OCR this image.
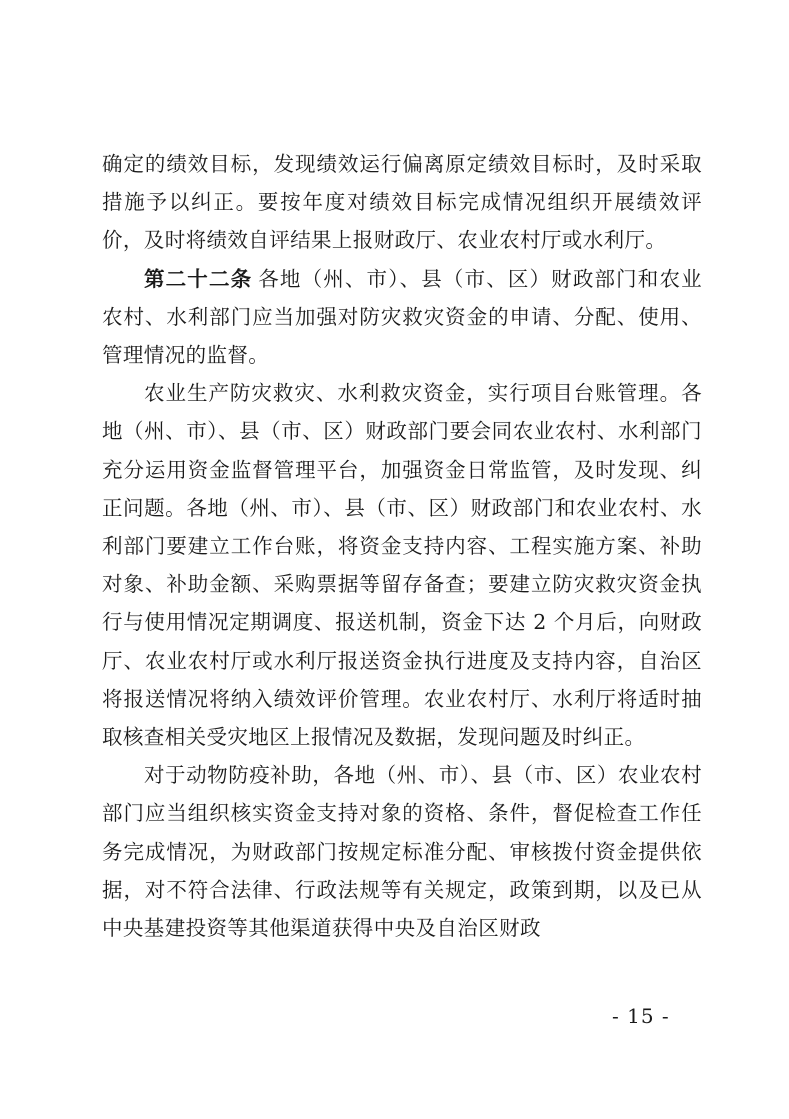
确定的绩效目标，发现绩效运行偏离原定绩效目标时，及时采取措施予以纠正。要按年度对绩效目标完成情况组织开展绩效评价，及时将绩效自评结果上报财政厅、农业农村厅或水利厅。

第二十二条 各地（州、市）、县（市、区）财政部门和农业农村、水利部门应当加强对防灾救灾资金的申请、分配、使用、管理情况的监督。

农业生产防灾救灾、水利救灾资金，实行项目台账管理。各地（州、市）、县（市、区）财政部门要会同农业农村、水利部门充分运用资金监督管理平台，加强资金日常监管，及时发现、纠正问题。各地（州、市）、县（市、区）财政部门和农业农村、水利部门要建立工作台账，将资金支持内容、工程实施方案、补助对象、补助金额、采购票据等留存备查；要建立防灾救灾资金执行与使用情况定期调度、报送机制，资金下达 2 个月后，向财政厅、农业农村厅或水利厅报送资金执行进度及支持内容，自治区将报送情况将纳入绩效评价管理。农业农村厅、水利厅将适时抽取核查相关受灾地区上报情况及数据，发现问题及时纠正。

对于动物防疫补助，各地（州、市）、县（市、区）农业农村部门应当组织核实资金支持对象的资格、条件，督促检查工作任务完成情况，为财政部门按规定标准分配、审核拨付资金提供依据，对不符合法律、行政法规等有关规定，政策到期，以及已从中央基建投资等其他渠道获得中央及自治区财政

- 15 -
